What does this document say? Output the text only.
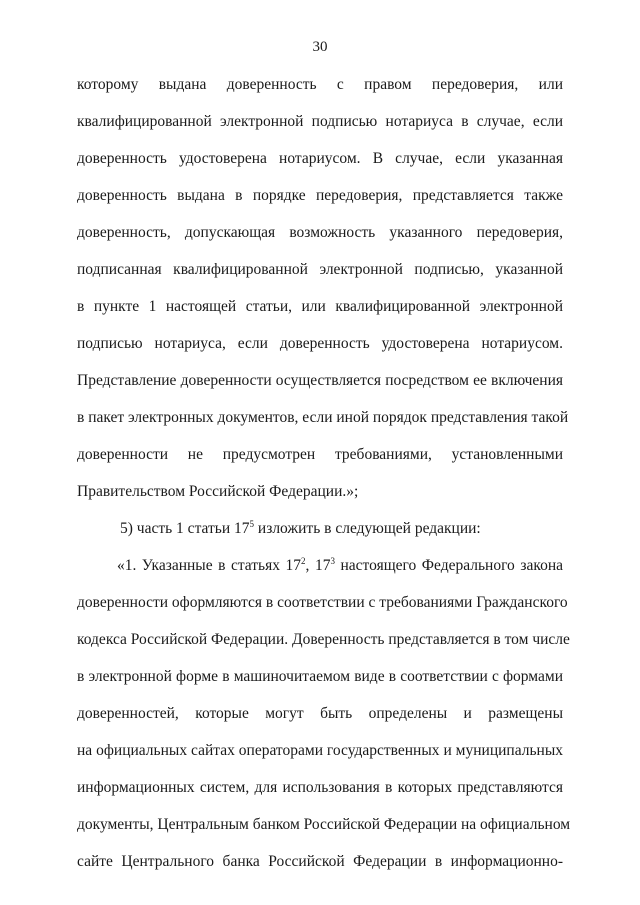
30
которому выдана доверенность с правом передоверия, или
квалифицированной электронной подписью нотариуса в случае, если
доверенность удостоверена нотариусом. В случае, если указанная
доверенность выдана в порядке передоверия, представляется также
доверенность, допускающая возможность указанного передоверия,
подписанная квалифицированной электронной подписью, указанной
в пункте 1 настоящей статьи, или квалифицированной электронной
подписью нотариуса, если доверенность удостоверена нотариусом.
Представление доверенности осуществляется посредством ее включения
в пакет электронных документов, если иной порядок представления такой
доверенности не предусмотрен требованиями, установленными
Правительством Российской Федерации.»;
5) часть 1 статьи $17^5$ изложить в следующей редакции:
«1. Указанные в статьях $17^2$, $17^3$ настоящего Федерального закона
доверенности оформляются в соответствии с требованиями Гражданского
кодекса Российской Федерации. Доверенность представляется в том числе
в электронной форме в машиночитаемом виде в соответствии с формами
доверенностей, которые могут быть определены и размещены
на официальных сайтах операторами государственных и муниципальных
информационных систем, для использования в которых представляются
документы, Центральным банком Российской Федерации на официальном
сайте Центрального банка Российской Федерации в информационно-
